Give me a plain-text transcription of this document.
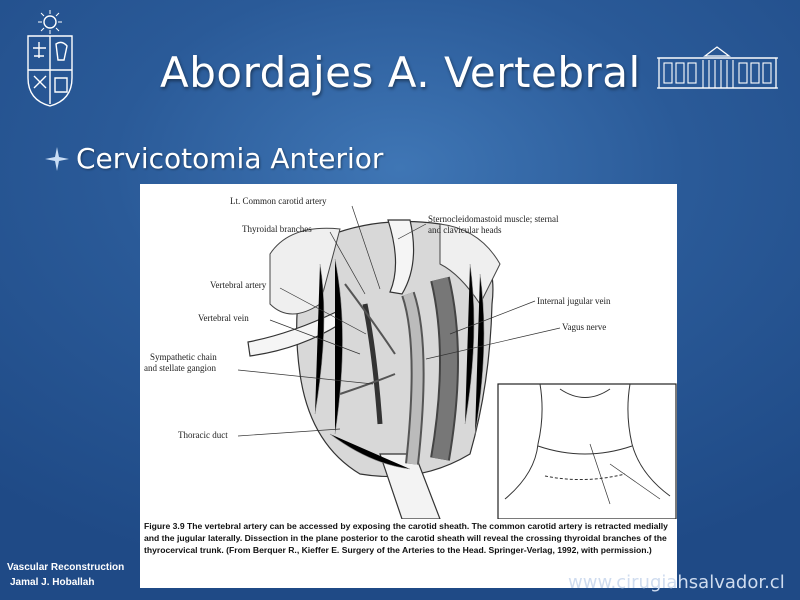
Abordajes A. Vertebral
Cervicotomia Anterior
Lt. Common carotid artery
Thyroidal branches
Sternocleidomastoid muscle; sternal
and clavicular heads
Vertebral artery
Internal jugular vein
Vertebral vein
Vagus nerve
Sympathetic chain
and stellate gangion
Thoracic duct
Figure 3.9 The vertebral artery can be accessed by exposing the carotid sheath. The common carotid artery is retracted medially and the jugular laterally. Dissection in the plane posterior to the carotid sheath will reveal the crossing thyroidal branches of the thyrocervical trunk. (From Berquer R., Kieffer E. Surgery of the Arteries to the Head. Springer-Verlag, 1992, with permission.)
Vascular Reconstruction
Jamal J. Hoballah	www.cirugiahsalvador.cl
